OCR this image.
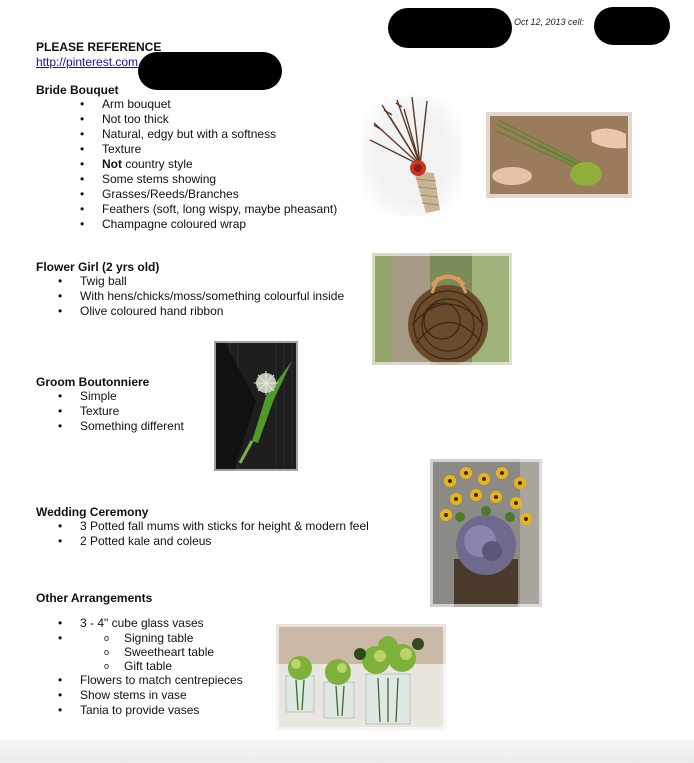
Oct 12, 2013 cell:
PLEASE REFERENCE
http://pinterest.com
Bride Bouquet
• Arm bouquet
• Not too thick
• Natural, edgy but with a softness
• Texture
• Not country style
• Some stems showing
• Grasses/Reeds/Branches
• Feathers (soft, long wispy, maybe pheasant)
• Champagne coloured wrap
Flower Girl (2 yrs old)
• Twig ball
• With hens/chicks/moss/something colourful inside
• Olive coloured hand ribbon
Groom Boutonniere
• Simple
• Texture
• Something different
Wedding Ceremony
• 3 Potted fall mums with sticks for height & modern feel
• 2 Potted kale and coleus
Other Arrangements
• 3 - 4" cube glass vases
o • Signing table
o Sweetheart table
o Gift table
• Flowers to match centrepieces
• Show stems in vase
• Tania to provide vases
